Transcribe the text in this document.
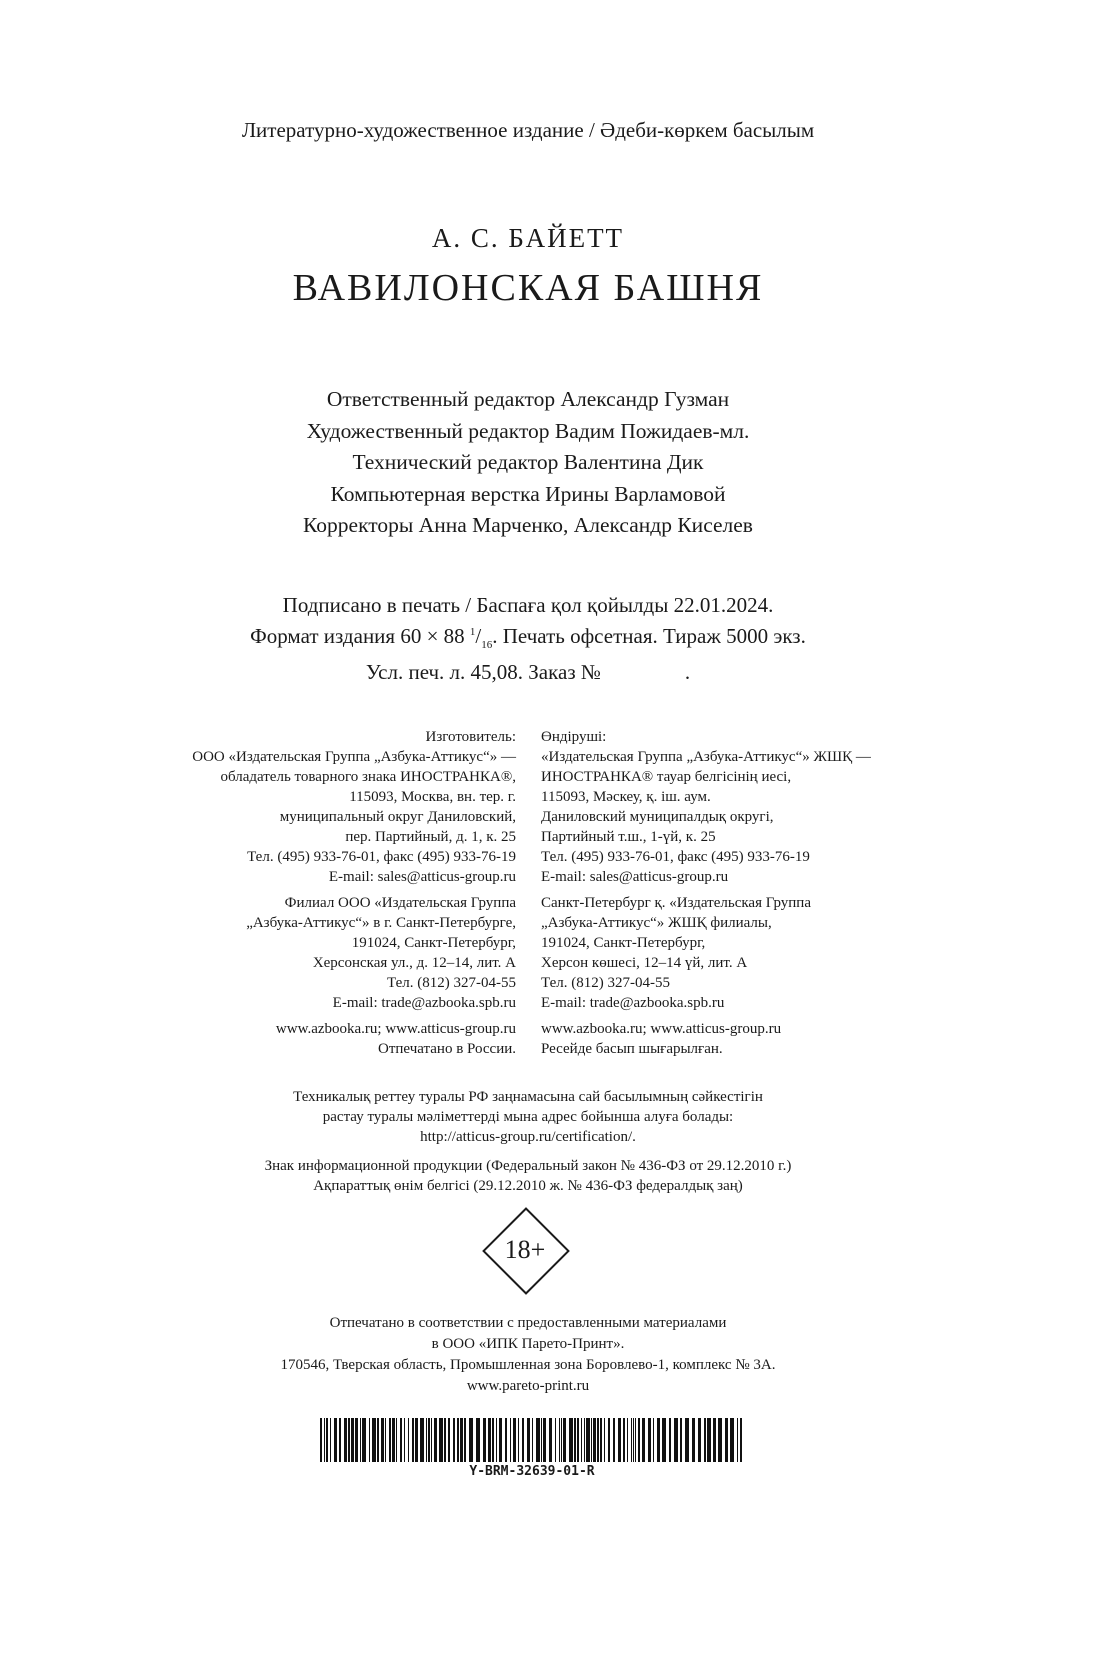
Литературно-художественное издание / Әдеби-көркем басылым
А. С. БАЙЕТТ
ВАВИЛОНСКАЯ БАШНЯ
Ответственный редактор Александр Гузман
Художественный редактор Вадим Пожидаев-мл.
Технический редактор Валентина Дик
Компьютерная верстка Ирины Варламовой
Корректоры Анна Марченко, Александр Киселев
Подписано в печать / Баспаға қол қойылды 22.01.2024.
Формат издания 60 × 88 $^1/_{16}$. Печать офсетная. Тираж 5000 экз.
Усл. печ. л. 45,08. Заказ №	.
Изготовитель:
ООО «Издательская Группа „Азбука-Аттикус“» —
обладатель товарного знака ИНОСТРАНКА®,
115093, Москва, вн. тер. г.
муниципальный округ Даниловский,
пер. Партийный, д. 1, к. 25
Тел. (495) 933-76-01, факс (495) 933-76-19
E-mail: sales@atticus-group.ru
Филиал ООО «Издательская Группа
„Азбука-Аттикус“» в г. Санкт-Петербурге,
191024, Санкт-Петербург,
Херсонская ул., д. 12–14, лит. А
Тел. (812) 327-04-55
E-mail: trade@azbooka.spb.ru
www.azbooka.ru; www.atticus-group.ru
Отпечатано в России.
Өндіруші:
«Издательская Группа „Азбука-Аттикус“» ЖШҚ —
ИНОСТРАНКА® тауар белгісінің иесі,
115093, Мәскеу, қ. іш. аум.
Даниловский муниципалдық округі,
Партийный т.ш., 1-үй, к. 25
Тел. (495) 933-76-01, факс (495) 933-76-19
E-mail: sales@atticus-group.ru
Санкт-Петербург қ. «Издательская Группа
„Азбука-Аттикус“» ЖШҚ филиалы,
191024, Санкт-Петербург,
Херсон көшесі, 12–14 үй, лит. А
Тел. (812) 327-04-55
E-mail: trade@azbooka.spb.ru
www.azbooka.ru; www.atticus-group.ru
Ресейде басып шығарылған.
Техникалық реттеу туралы РФ заңнамасына сай басылымның сәйкестігін
растау туралы мәліметтерді мына адрес бойынша алуға болады:
http://atticus-group.ru/certification/.
Знак информационной продукции (Федеральный закон № 436-ФЗ от 29.12.2010 г.)
Ақпараттық өнім белгісі (29.12.2010 ж. № 436-ФЗ федералдық заң)
18+
Отпечатано в соответствии с предоставленными материалами
в ООО «ИПК Парето-Принт».
170546, Тверская область, Промышленная зона Боровлево-1, комплекс № 3А.
www.pareto-print.ru
Y-BRM-32639-01-R
